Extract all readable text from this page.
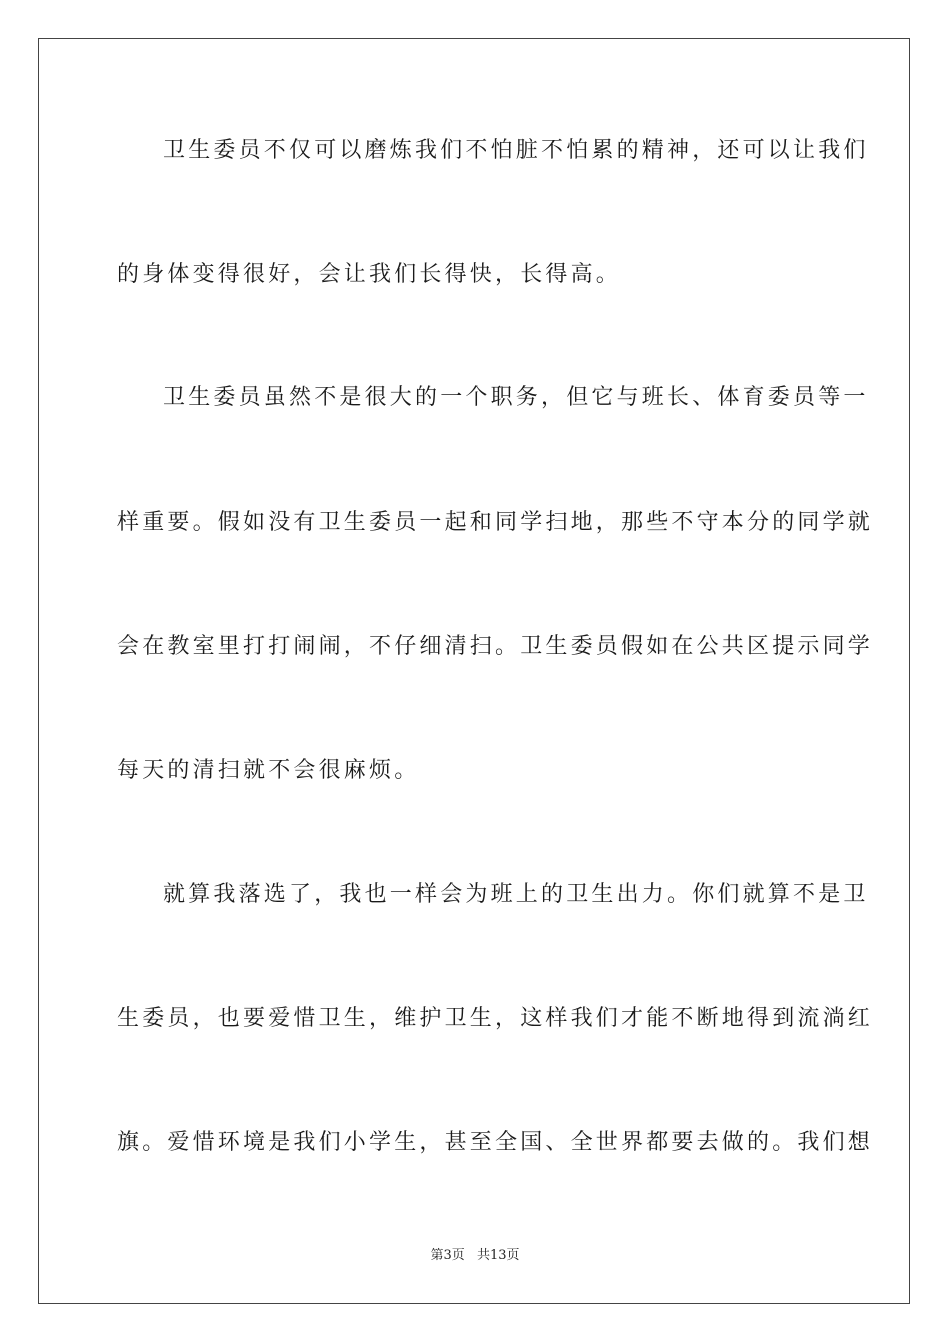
卫生委员不仅可以磨炼我们不怕脏不怕累的精神，还可以让我们
的身体变得很好，会让我们长得快，长得高。
卫生委员虽然不是很大的一个职务，但它与班长、体育委员等一
样重要。假如没有卫生委员一起和同学扫地，那些不守本分的同学就
会在教室里打打闹闹，不仔细清扫。卫生委员假如在公共区提示同学
每天的清扫就不会很麻烦。
就算我落选了，我也一样会为班上的卫生出力。你们就算不是卫
生委员，也要爱惜卫生，维护卫生，这样我们才能不断地得到流淌红
旗。爱惜环境是我们小学生，甚至全国、全世界都要去做的。我们想
第3页 共13页
